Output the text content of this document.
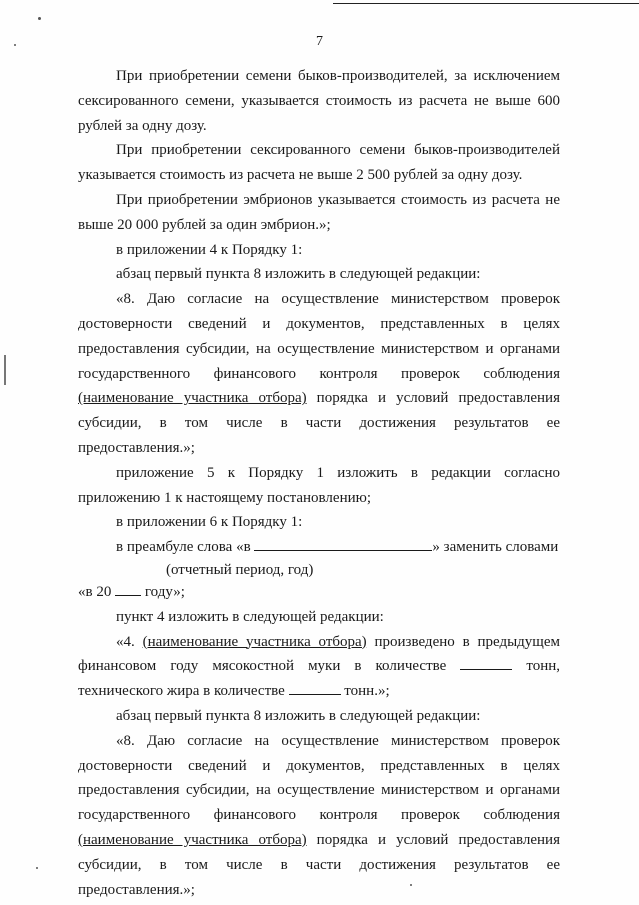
7

При приобретении семени быков-производителей, за исключением сексированного семени, указывается стоимость из расчета не выше 600 рублей за одну дозу.

При приобретении сексированного семени быков-производителей указывается стоимость из расчета не выше 2 500 рублей за одну дозу.

При приобретении эмбрионов указывается стоимость из расчета не выше 20 000 рублей за один эмбрион.»;

в приложении 4 к Порядку 1:

абзац первый пункта 8 изложить в следующей редакции:

«8. Даю согласие на осуществление министерством проверок достоверности сведений и документов, представленных в целях предоставления субсидии, на осуществление министерством и органами государственного финансового контроля проверок соблюдения (наименование участника отбора) порядка и условий предоставления субсидии, в том числе в части достижения результатов ее предоставления.»;

приложение 5 к Порядку 1 изложить в редакции согласно приложению 1 к настоящему постановлению;

в приложении 6 к Порядку 1:

в преамбуле слова «в	» заменить словами
(отчетный период, год)

«в 20 году»;

пункт 4 изложить в следующей редакции:

«4. (наименование участника отбора) произведено в предыдущем финансовом году мясокостной муки в количестве	тонн, технического жира в количестве	тонн.»;

абзац первый пункта 8 изложить в следующей редакции:

«8. Даю согласие на осуществление министерством проверок достоверности сведений и документов, представленных в целях предоставления субсидии, на осуществление министерством и органами государственного финансового контроля проверок соблюдения (наименование участника отбора) порядка и условий предоставления субсидии, в том числе в части достижения результатов ее предоставления.»;
